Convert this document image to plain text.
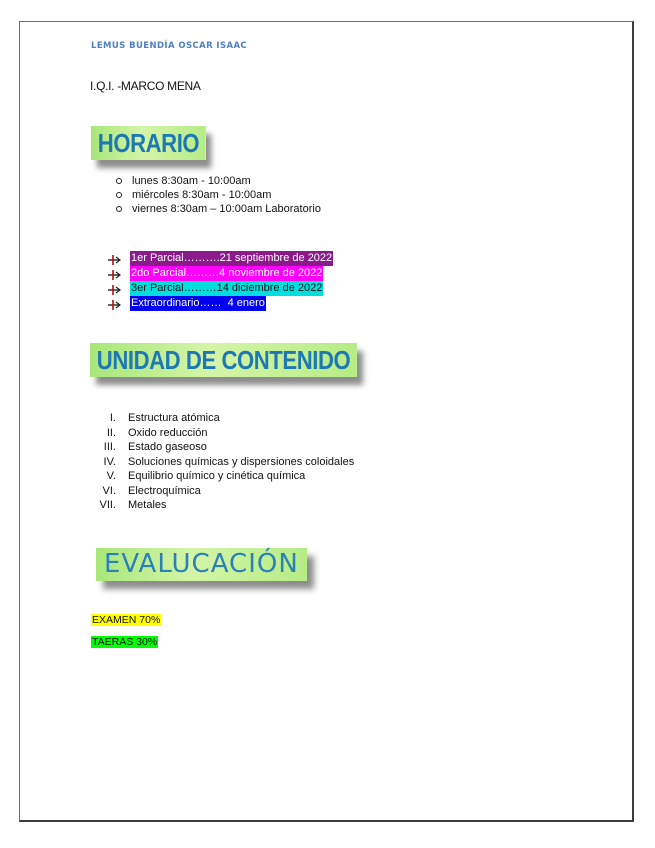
LEMUS BUENDÍA OSCAR ISAAC
I.Q.I. -MARCO MENA
HORARIO
lunes 8:30am - 10:00am
miércoles 8:30am - 10:00am
viernes 8:30am – 10:00am Laboratorio
1er Parcial……….21 septiembre de 2022
2do Parcial………4 noviembre de 2022
3er Parcial………14 diciembre de 2022
Extraordinario……  4 enero
UNIDAD DE CONTENIDO
I.	Estructura atómica
II.	Oxido reducción
III.	Estado gaseoso
IV.	Soluciones químicas y dispersiones coloidales
V.	Equilibrio químico y cinética química
VI.	Electroquímica
VII.	Metales
EVALUCACIÓN
EXAMEN 70%
TAERAS 30%
